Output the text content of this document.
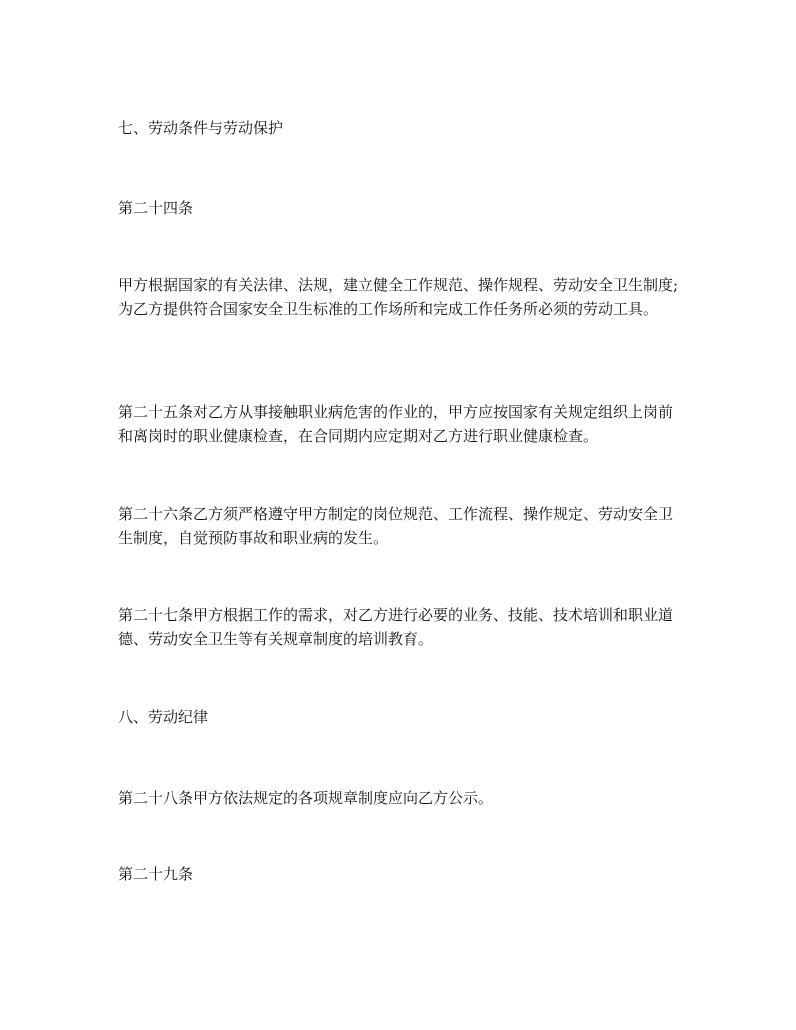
七、劳动条件与劳动保护

第二十四条

甲方根据国家的有关法律、法规，建立健全工作规范、操作规程、劳动安全卫生制度;为乙方提供符合国家安全卫生标准的工作场所和完成工作任务所必须的劳动工具。

第二十五条对乙方从事接触职业病危害的作业的，甲方应按国家有关规定组织上岗前和离岗时的职业健康检查，在合同期内应定期对乙方进行职业健康检查。

第二十六条乙方须严格遵守甲方制定的岗位规范、工作流程、操作规定、劳动安全卫生制度，自觉预防事故和职业病的发生。

第二十七条甲方根据工作的需求，对乙方进行必要的业务、技能、技术培训和职业道德、劳动安全卫生等有关规章制度的培训教育。

八、劳动纪律

第二十八条甲方依法规定的各项规章制度应向乙方公示。

第二十九条
